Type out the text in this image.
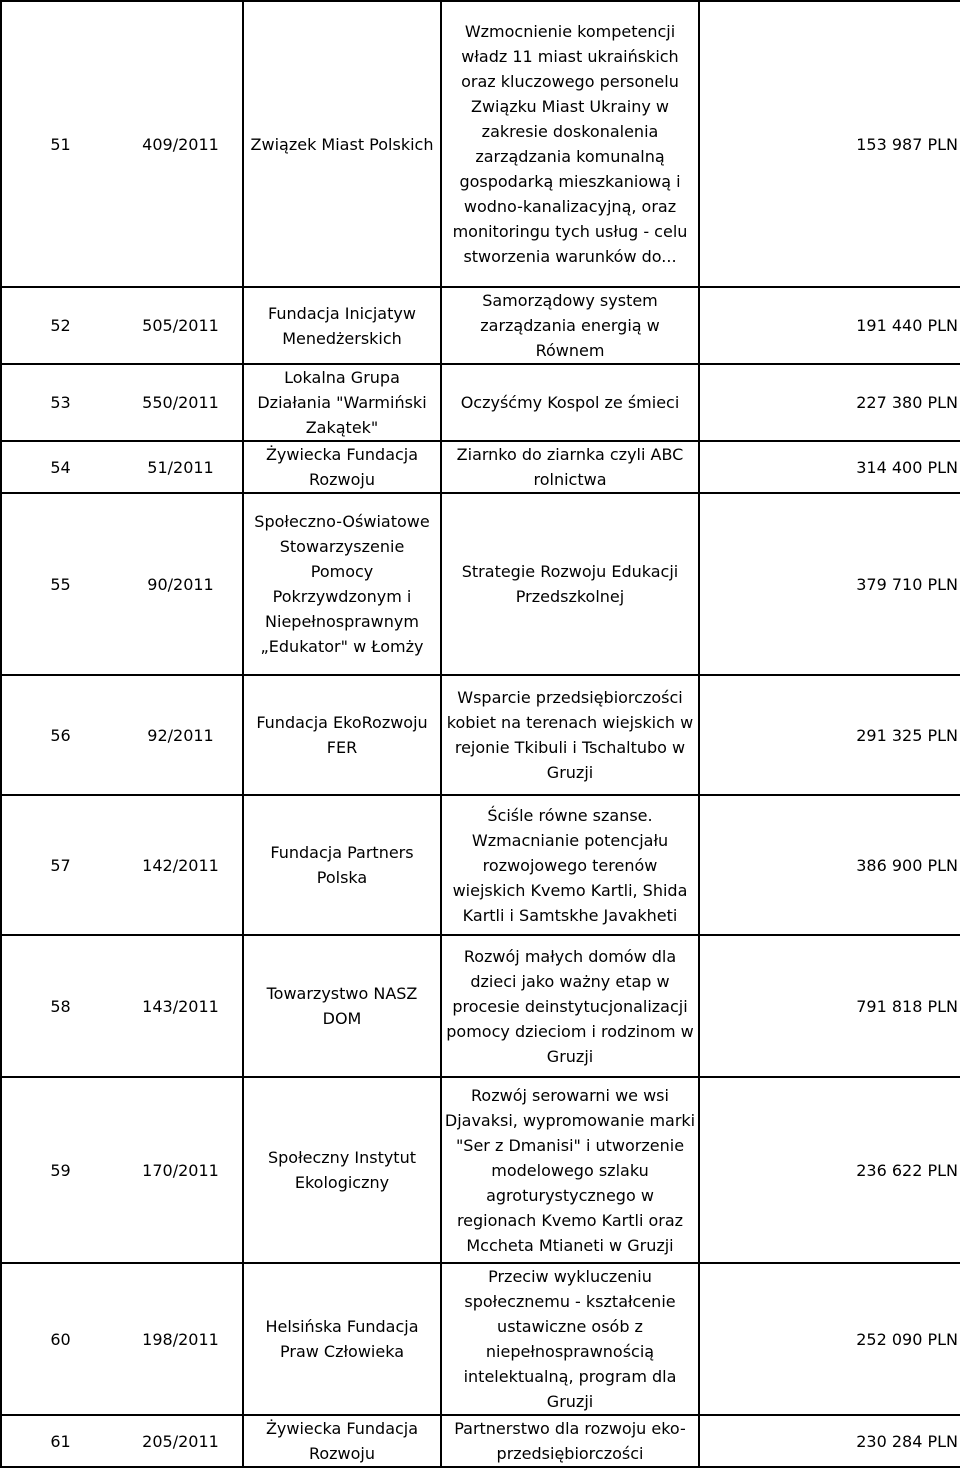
51	409/2011	Związek Miast Polskich	Wzmocnienie kompetencji władz 11 miast ukraińskich oraz kluczowego personelu Związku Miast Ukrainy w zakresie doskonalenia zarządzania komunalną gospodarką mieszkaniową i wodno-kanalizacyjną, oraz monitoringu tych usług - celu stworzenia warunków do...	153 987 PLN
52	505/2011	Fundacja Inicjatyw Menedżerskich	Samorządowy system zarządzania energią w Równem	191 440 PLN
53	550/2011	Lokalna Grupa Działania "Warmiński Zakątek"	Oczyśćmy Kospol ze śmieci	227 380 PLN
54	51/2011	Żywiecka Fundacja Rozwoju	Ziarnko do ziarnka czyli ABC rolnictwa	314 400 PLN
55	90/2011	Społeczno-Oświatowe Stowarzyszenie Pomocy Pokrzywdzonym i Niepełnosprawnym „Edukator" w Łomży	Strategie Rozwoju Edukacji Przedszkolnej	379 710 PLN
56	92/2011	Fundacja EkoRozwoju FER	Wsparcie przedsiębiorczości kobiet na terenach wiejskich w rejonie Tkibuli i Tschaltubo w Gruzji	291 325 PLN
57	142/2011	Fundacja Partners Polska	Ściśle równe szanse. Wzmacnianie potencjału rozwojowego terenów wiejskich Kvemo Kartli, Shida Kartli i Samtskhe Javakheti	386 900 PLN
58	143/2011	Towarzystwo NASZ DOM	Rozwój małych domów dla dzieci jako ważny etap w procesie deinstytucjonalizacji pomocy dzieciom i rodzinom w Gruzji	791 818 PLN
59	170/2011	Społeczny Instytut Ekologiczny	Rozwój serowarni we wsi Djavaksi, wypromowanie marki "Ser z Dmanisi" i utworzenie modelowego szlaku agroturystycznego w regionach Kvemo Kartli oraz Mccheta Mtianeti w Gruzji	236 622 PLN
60	198/2011	Helsińska Fundacja Praw Człowieka	Przeciw wykluczeniu społecznemu - kształcenie ustawiczne osób z niepełnosprawnością intelektualną, program dla Gruzji	252 090 PLN
61	205/2011	Żywiecka Fundacja Rozwoju	Partnerstwo dla rozwoju eko-przedsiębiorczości	230 284 PLN
